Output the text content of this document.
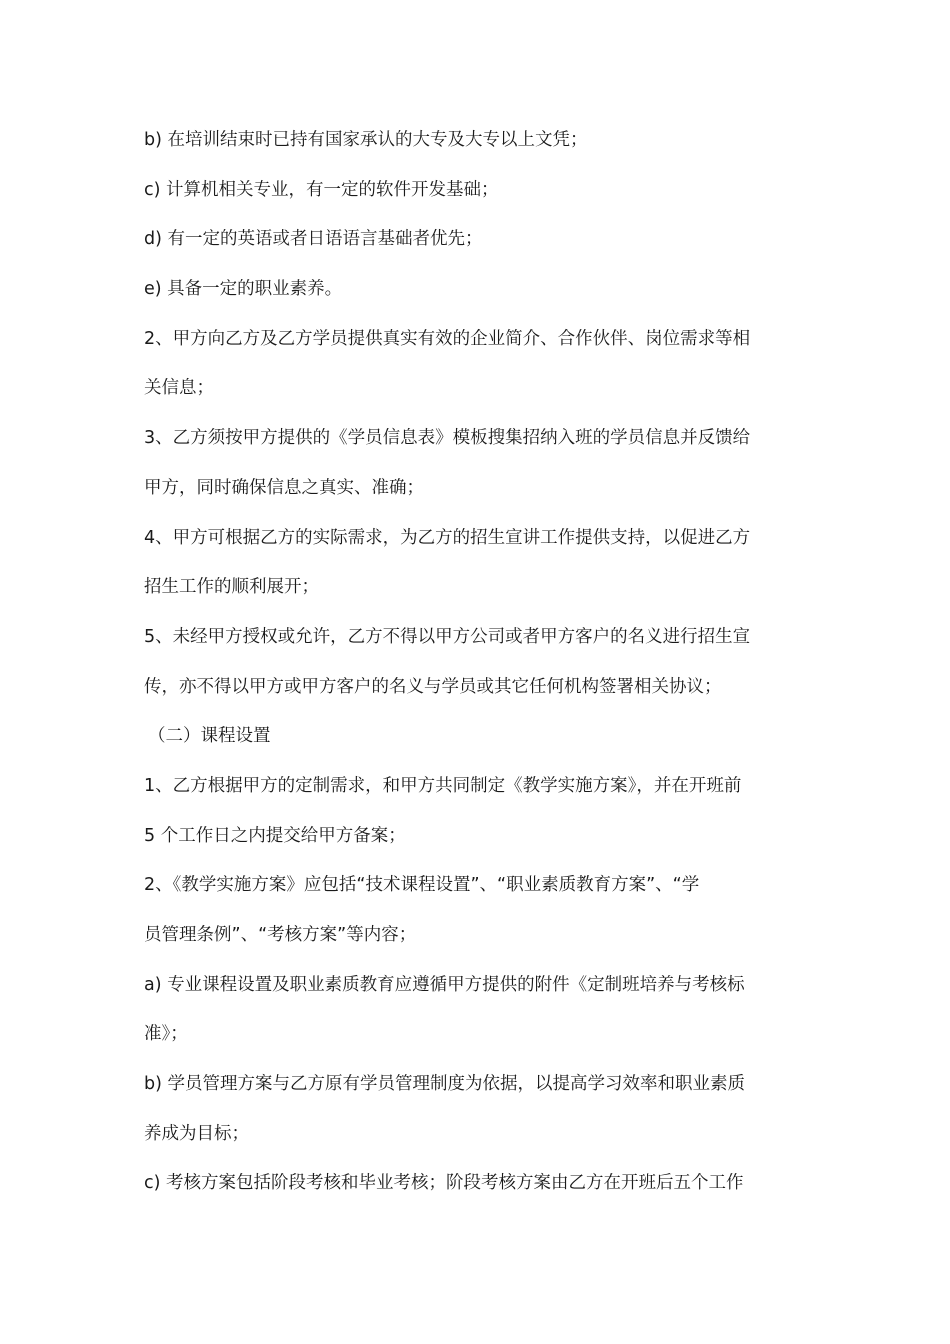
b) 在培训结束时已持有国家承认的大专及大专以上文凭；
c) 计算机相关专业，有一定的软件开发基础；
d) 有一定的英语或者日语语言基础者优先；
e) 具备一定的职业素养。
2、甲方向乙方及乙方学员提供真实有效的企业简介、合作伙伴、岗位需求等相
关信息；
3、乙方须按甲方提供的《学员信息表》模板搜集招纳入班的学员信息并反馈给
甲方，同时确保信息之真实、准确；
4、甲方可根据乙方的实际需求，为乙方的招生宣讲工作提供支持，以促进乙方
招生工作的顺利展开；
5、未经甲方授权或允许，乙方不得以甲方公司或者甲方客户的名义进行招生宣
传，亦不得以甲方或甲方客户的名义与学员或其它任何机构签署相关协议；
（二）课程设置
1、乙方根据甲方的定制需求，和甲方共同制定《教学实施方案》，并在开班前
5 个工作日之内提交给甲方备案；
2、《教学实施方案》应包括“技术课程设置”、“职业素质教育方案”、“学
员管理条例”、“考核方案”等内容；
a) 专业课程设置及职业素质教育应遵循甲方提供的附件《定制班培养与考核标
准》；
b) 学员管理方案与乙方原有学员管理制度为依据，以提高学习效率和职业素质
养成为目标；
c) 考核方案包括阶段考核和毕业考核；阶段考核方案由乙方在开班后五个工作
